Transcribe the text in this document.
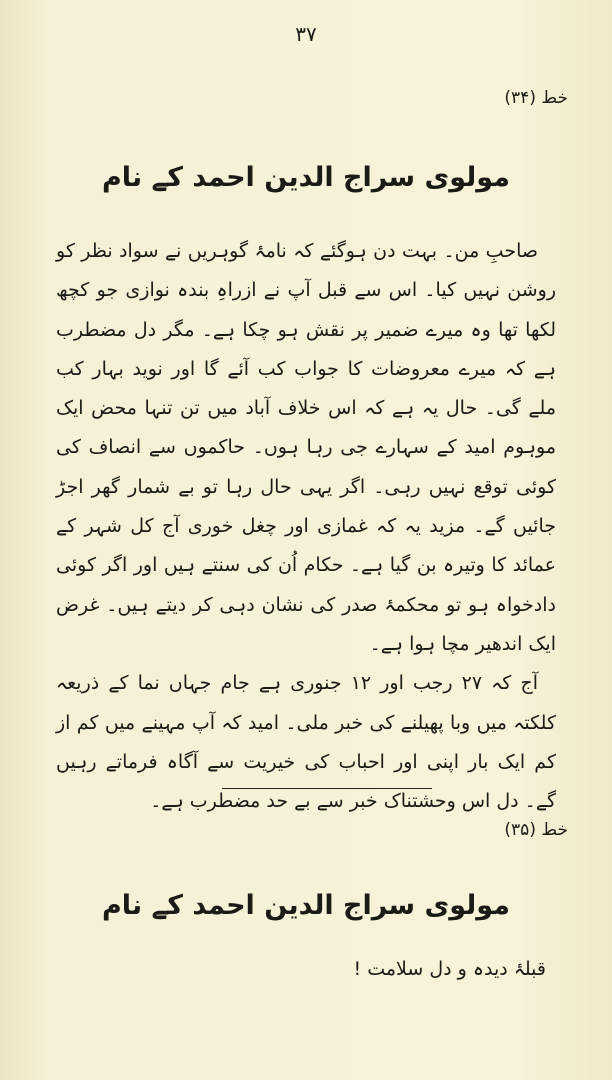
۳۷
خط (۳۴)
مولوی سراج الدین احمد کے نام

صاحبِ من۔ بہت دن ہوگئے کہ نامۂ گوہریں نے سواد نظر کو روشن نہیں کیا۔ اس سے قبل آپ نے ازراہِ بندہ نوازی جو کچھ لکھا تھا وہ میرے ضمیر پر نقش ہو چکا ہے۔ مگر دل مضطرب ہے کہ میرے معروضات کا جواب کب آئے گا اور نوید بہار کب ملے گی۔ حال یہ ہے کہ اس خلاف آباد میں تن تنہا محض ایک موہوم امید کے سہارے جی رہا ہوں۔ حاکموں سے انصاف کی کوئی توقع نہیں رہی۔ اگر یہی حال رہا تو بے شمار گھر اجڑ جائیں گے۔ مزید یہ کہ غمازی اور چغل خوری آج کل شہر کے عمائد کا وتیرہ بن گیا ہے۔ حکام اُن کی سنتے ہیں اور اگر کوئی دادخواہ ہو تو محکمۂ صدر کی نشان دہی کر دیتے ہیں۔ غرض ایک اندھیر مچا ہوا ہے۔

آج کہ ۲۷ رجب اور ۱۲ جنوری ہے جام جہاں نما کے ذریعہ کلکتہ میں وبا پھیلنے کی خبر ملی۔ امید کہ آپ مہینے میں کم از کم ایک بار اپنی اور احباب کی خیریت سے آگاہ فرماتے رہیں گے۔ دل اس وحشتناک خبر سے بے حد مضطرب ہے۔

خط (۳۵)
مولوی سراج الدین احمد کے نام
قبلۂ دیدہ و دل سلامت !
